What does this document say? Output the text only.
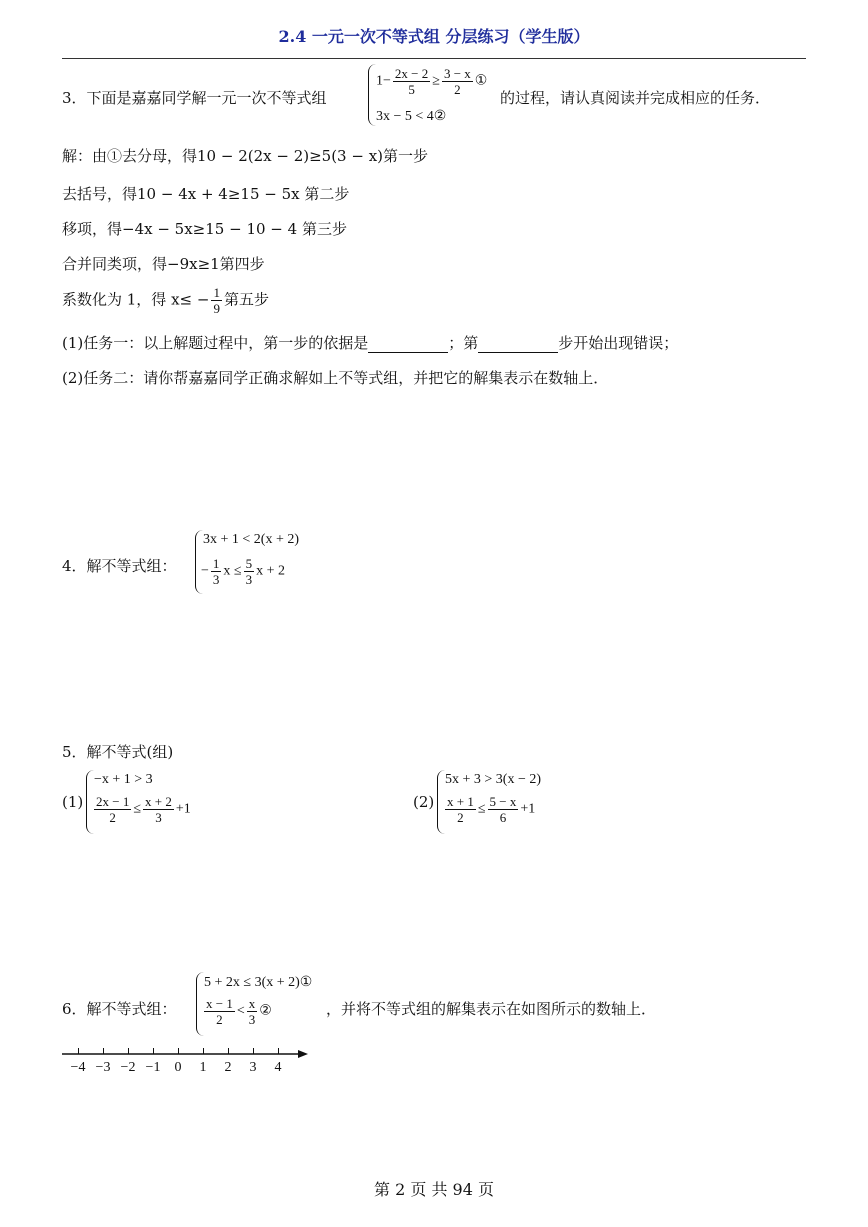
2.4 一元一次不等式组 分层练习（学生版）
3．下面是嘉嘉同学解一元一次不等式组
$1- \frac{2x - 2}{5} \ge \frac{3 - x}{2}$ ①
3x − 5 < 4②
的过程，请认真阅读并完成相应的任务．
解：由①去分母，得10 − 2(2x − 2)≥5(3 − x)第一步
去括号，得10 − 4x + 4≥15 − 5x 第二步
移项，得−4x − 5x≥15 − 10 − 4 第三步
合并同类项，得−9x≥1第四步
系数化为 1，得 $x\le - \frac{1}{9}$ 第五步
(1)任务一：以上解题过程中，第一步的依据是	；第	步开始出现错误；
(2)任务二：请你帮嘉嘉同学正确求解如上不等式组，并把它的解集表示在数轴上．
4．解不等式组：
3x + 1 < 2(x + 2)
− $\frac{1}{3}$ $x \le \frac{5}{3}$ x + 2
5．解不等式(组)
(1)
−x + 1 > 3
$\frac{2x - 1}{2} \le \frac{x + 2}{3} +1$	(2)
5x + 3 > 3(x − 2)
$\frac{x + 1}{2} \le \frac{5 - x}{6} +1$
6．解不等式组：
5 + 2x ≤ 3(x + 2)①
$\frac{x - 1}{2} < \frac{x}{3}$ ②	，并将不等式组的解集表示在如图所示的数轴上．
−4 −3 −2 −1	0	1	2	3	4
第 2 页 共 94 页
